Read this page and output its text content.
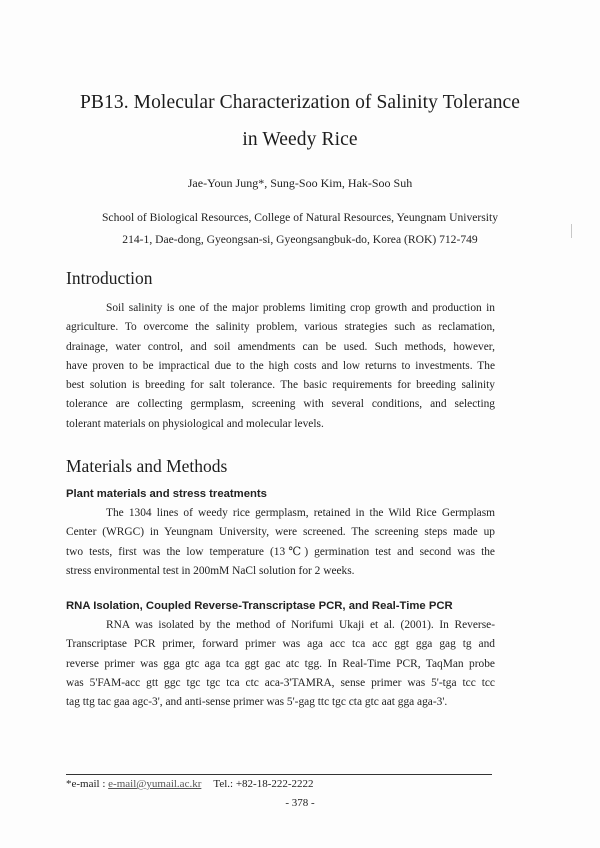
PB13. Molecular Characterization of Salinity Tolerance
in Weedy Rice
Jae-Youn Jung*, Sung-Soo Kim, Hak-Soo Suh
School of Biological Resources, College of Natural Resources, Yeungnam University
214-1, Dae-dong, Gyeongsan-si, Gyeongsangbuk-do, Korea (ROK) 712-749
Introduction
Soil salinity is one of the major problems limiting crop growth and production in
agriculture. To overcome the salinity problem, various strategies such as reclamation,
drainage, water control, and soil amendments can be used. Such methods, however,
have proven to be impractical due to the high costs and low returns to investments. The
best solution is breeding for salt tolerance. The basic requirements for breeding salinity
tolerance are collecting germplasm, screening with several conditions, and selecting
tolerant materials on physiological and molecular levels.
Materials and Methods
Plant materials and stress treatments
The 1304 lines of weedy rice germplasm, retained in the Wild Rice Germplasm
Center (WRGC) in Yeungnam University, were screened. The screening steps made up
two tests, first was the low temperature (13℃) germination test and second was the
stress environmental test in 200mM NaCl solution for 2 weeks.
RNA Isolation, Coupled Reverse-Transcriptase PCR, and Real-Time PCR
RNA was isolated by the method of Norifumi Ukaji et al. (2001). In Reverse-
Transcriptase PCR primer, forward primer was aga acc tca acc ggt gga gag tg and
reverse primer was gga gtc aga tca ggt gac atc tgg. In Real-Time PCR, TaqMan probe
was 5'FAM-acc gtt ggc tgc tgc tca ctc aca-3'TAMRA, sense primer was 5'-tga tcc tcc
tag ttg tac gaa agc-3', and anti-sense primer was 5'-gag ttc tgc cta gtc aat gga aga-3'.
*e-mail : e-mail@yumail.ac.kr Tel.: +82-18-222-2222
- 378 -
